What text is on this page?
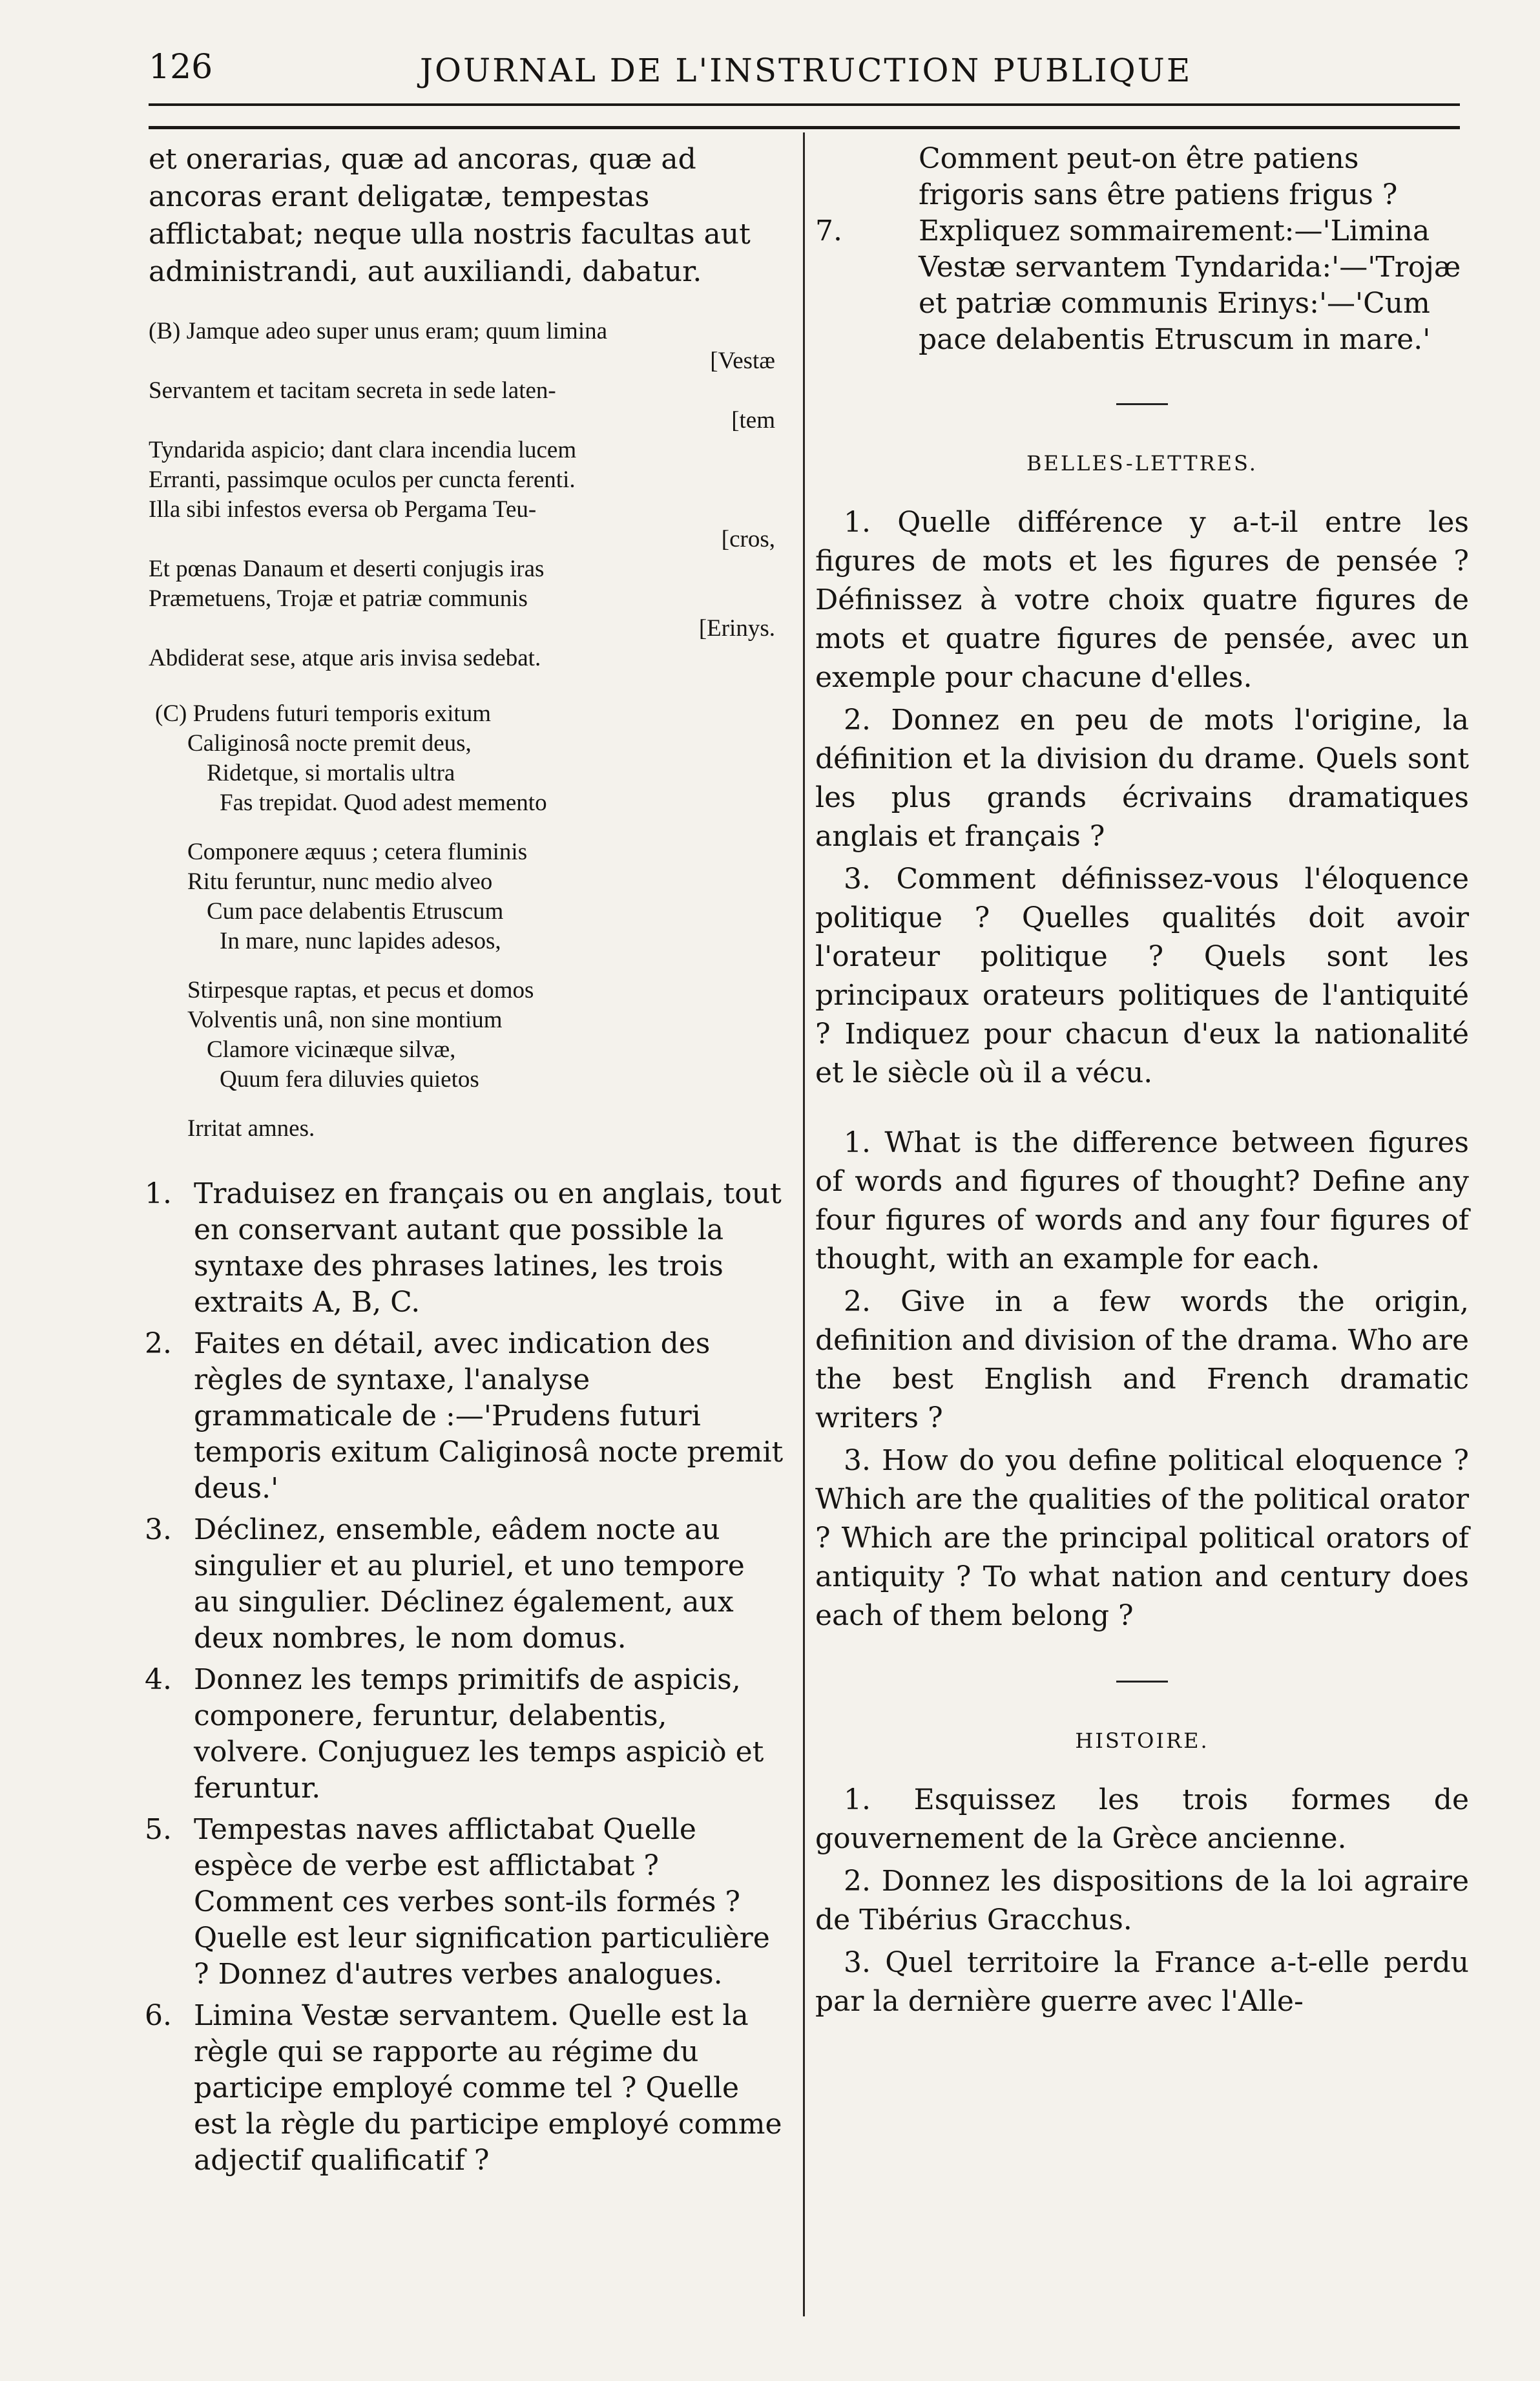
126	JOURNAL DE L'INSTRUCTION PUBLIQUE

et onerarias, quæ ad ancoras, quæ ad ancoras erant deligatæ, tempestas afflictabat; neque ulla nostris facultas aut administrandi, aut auxiliandi, dabatur.

(B) Jamque adeo super unus eram; quum limina
[Vestæ
Servantem et tacitam secreta in sede laten-
[tem
Tyndarida aspicio; dant clara incendia lucem
Erranti, passimque oculos per cuncta ferenti.
Illa sibi infestos eversa ob Pergama Teu-
[cros,
Et pœnas Danaum et deserti conjugis iras
Præmetuens, Trojæ et patriæ communis
[Erinys.
Abdiderat sese, atque aris invisa sedebat.
(C) Prudens futuri temporis exitum
Caliginosâ nocte premit deus,
Ridetque, si mortalis ultra
Fas trepidat. Quod adest memento
Componere æquus ; cetera fluminis
Ritu feruntur, nunc medio alveo
Cum pace delabentis Etruscum
In mare, nunc lapides adesos,
Stirpesque raptas, et pecus et domos
Volventis unâ, non sine montium
Clamore vicinæque silvæ,
Quum fera diluvies quietos
Irritat amnes.
1. Traduisez en français ou en anglais, tout en conservant autant que possible la syntaxe des phrases latines, les trois extraits A, B, C.
2. Faites en détail, avec indication des règles de syntaxe, l'analyse grammaticale de :—'Prudens futuri temporis exitum Caliginosâ nocte premit deus.'
3. Déclinez, ensemble, eâdem nocte au singulier et au pluriel, et uno tempore au singulier. Déclinez également, aux deux nombres, le nom domus.
4. Donnez les temps primitifs de aspicis, componere, feruntur, delabentis, volvere. Conjuguez les temps aspiciò et feruntur.
5. Tempestas naves afflictabat Quelle espèce de verbe est afflictabat ? Comment ces verbes sont-ils formés ? Quelle est leur signification particulière ? Donnez d'autres verbes analogues.
6. Limina Vestæ servantem. Quelle est la règle qui se rapporte au régime du participe employé comme tel ? Quelle est la règle du participe employé comme adjectif qualificatif ?

Comment peut-on être patiens frigoris sans être patiens frigus ?

7.	Expliquez sommairement:—'Limina Vestæ servantem Tyndarida:'—'Trojæ et patriæ communis Erinys:'—'Cum pace delabentis Etruscum in mare.'

BELLES-LETTRES.

1. Quelle différence y a-t-il entre les figures de mots et les figures de pensée ? Définissez à votre choix quatre figures de mots et quatre figures de pensée, avec un exemple pour chacune d'elles.

2. Donnez en peu de mots l'origine, la définition et la division du drame. Quels sont les plus grands écrivains dramatiques anglais et français ?

3. Comment définissez-vous l'éloquence politique ? Quelles qualités doit avoir l'orateur politique ? Quels sont les principaux orateurs politiques de l'antiquité ? Indiquez pour chacun d'eux la nationalité et le siècle où il a vécu.

1. What is the difference between figures of words and figures of thought? Define any four figures of words and any four figures of thought, with an example for each.

2. Give in a few words the origin, definition and division of the drama. Who are the best English and French dramatic writers ?

3. How do you define political eloquence ? Which are the qualities of the political orator ? Which are the principal political orators of antiquity ? To what nation and century does each of them belong ?

HISTOIRE.

1. Esquissez les trois formes de gouvernement de la Grèce ancienne.

2. Donnez les dispositions de la loi agraire de Tibérius Gracchus.

3. Quel territoire la France a-t-elle perdu par la dernière guerre avec l'Alle-
